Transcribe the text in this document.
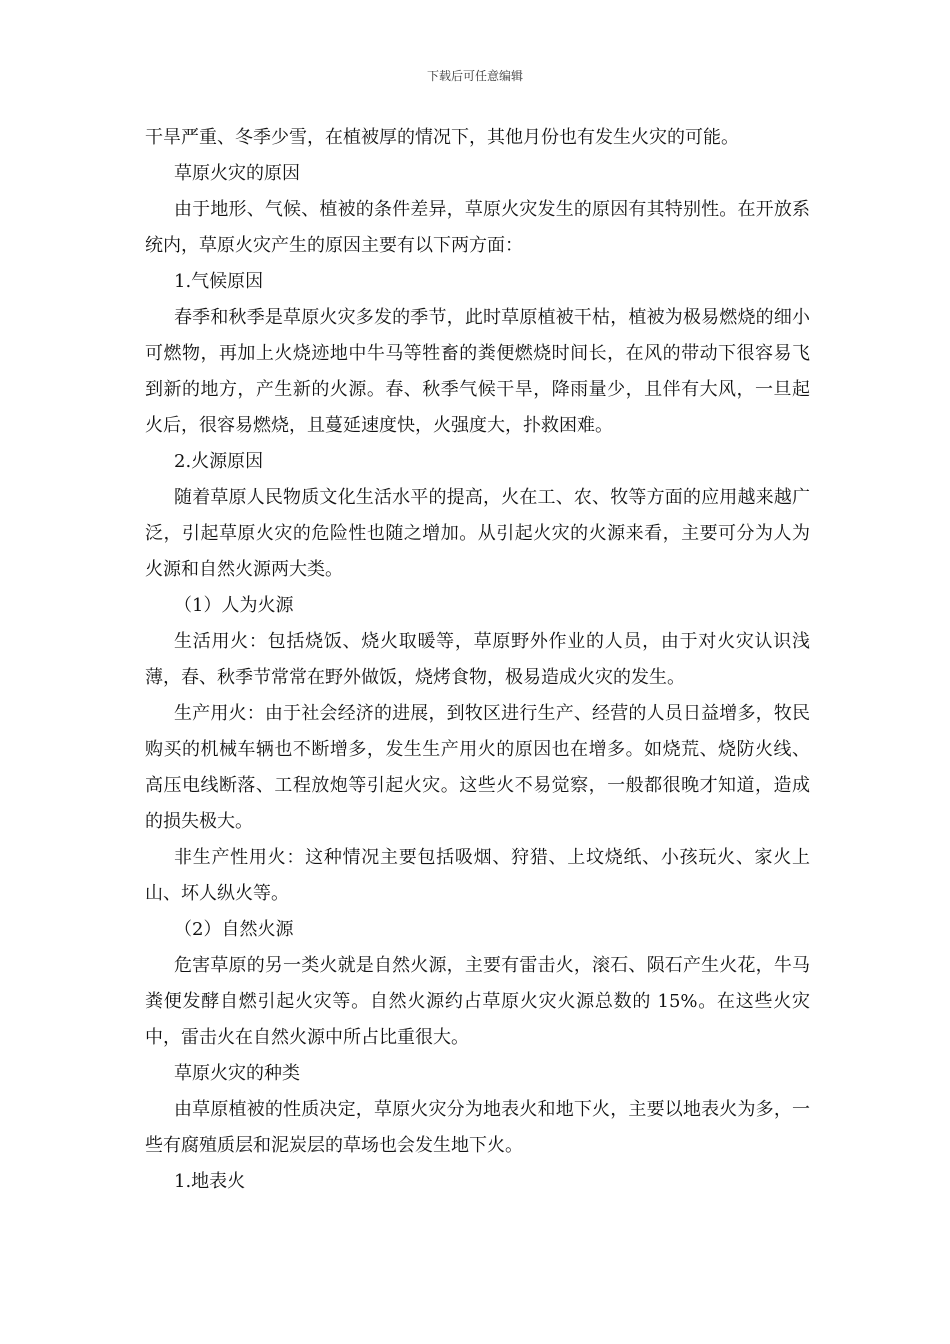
下载后可任意编辑

干旱严重、冬季少雪，在植被厚的情况下，其他月份也有发生火灾的可能。

草原火灾的原因

由于地形、气候、植被的条件差异，草原火灾发生的原因有其特别性。在开放系统内，草原火灾产生的原因主要有以下两方面：

1.气候原因

春季和秋季是草原火灾多发的季节，此时草原植被干枯，植被为极易燃烧的细小可燃物，再加上火烧迹地中牛马等牲畜的粪便燃烧时间长，在风的带动下很容易飞到新的地方，产生新的火源。春、秋季气候干旱，降雨量少，且伴有大风，一旦起火后，很容易燃烧，且蔓延速度快，火强度大，扑救困难。

2.火源原因

随着草原人民物质文化生活水平的提高，火在工、农、牧等方面的应用越来越广泛，引起草原火灾的危险性也随之增加。从引起火灾的火源来看，主要可分为人为火源和自然火源两大类。

（1）人为火源

生活用火：包括烧饭、烧火取暖等，草原野外作业的人员，由于对火灾认识浅薄，春、秋季节常常在野外做饭，烧烤食物，极易造成火灾的发生。

生产用火：由于社会经济的进展，到牧区进行生产、经营的人员日益增多，牧民购买的机械车辆也不断增多，发生生产用火的原因也在增多。如烧荒、烧防火线、高压电线断落、工程放炮等引起火灾。这些火不易觉察，一般都很晚才知道，造成的损失极大。

非生产性用火：这种情况主要包括吸烟、狩猎、上坟烧纸、小孩玩火、家火上山、坏人纵火等。

（2）自然火源

危害草原的另一类火就是自然火源，主要有雷击火，滚石、陨石产生火花，牛马粪便发酵自燃引起火灾等。自然火源约占草原火灾火源总数的 15%。在这些火灾中，雷击火在自然火源中所占比重很大。

草原火灾的种类

由草原植被的性质决定，草原火灾分为地表火和地下火，主要以地表火为多，一些有腐殖质层和泥炭层的草场也会发生地下火。

1.地表火
